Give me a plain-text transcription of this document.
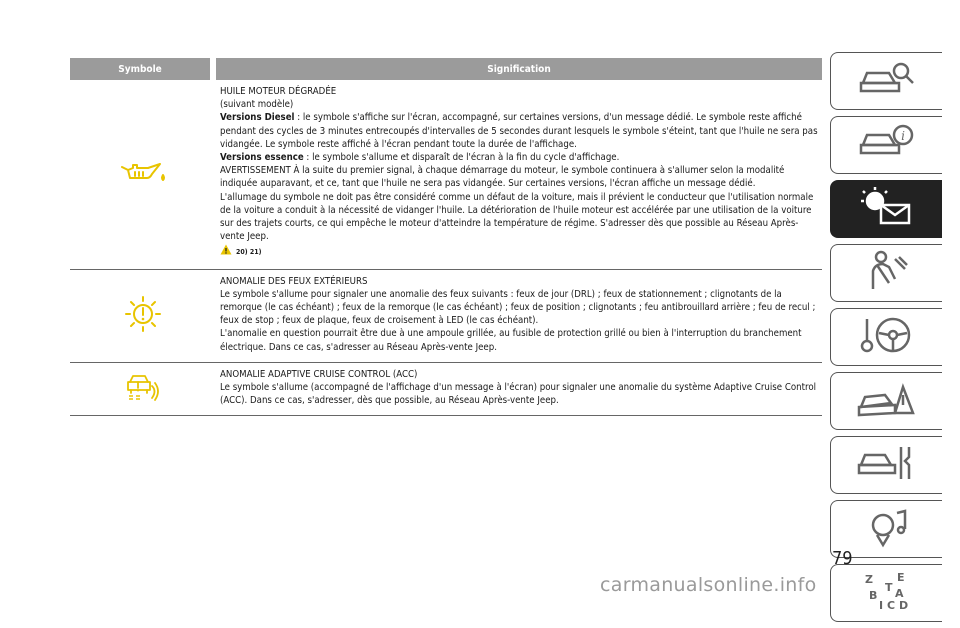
Symbole	Signification

HUILE MOTEUR DÉGRADÉE

(suivant modèle)

Versions Diesel : le symbole s'affiche sur l'écran, accompagné, sur certaines versions, d'un message dédié. Le symbole reste affiché pendant des cycles de 3 minutes entrecoupés d'intervalles de 5 secondes durant lesquels le symbole s'éteint, tant que l'huile ne sera pas vidangée. Le symbole reste affiché à l'écran pendant toute la durée de l'affichage.

Versions essence : le symbole s'allume et disparaît de l'écran à la fin du cycle d'affichage.

AVERTISSEMENT À la suite du premier signal, à chaque démarrage du moteur, le symbole continuera à s'allumer selon la modalité indiquée auparavant, et ce, tant que l'huile ne sera pas vidangée. Sur certaines versions, l'écran affiche un message dédié.

L'allumage du symbole ne doit pas être considéré comme un défaut de la voiture, mais il prévient le conducteur que l'utilisation normale de la voiture a conduit à la nécessité de vidanger l'huile. La détérioration de l'huile moteur est accélérée par une utilisation de la voiture sur des trajets courts, ce qui empêche le moteur d'atteindre la température de régime. S'adresser dès que possible au Réseau Après-vente Jeep.

20) 21)

ANOMALIE DES FEUX EXTÉRIEURS

Le symbole s'allume pour signaler une anomalie des feux suivants : feux de jour (DRL) ; feux de stationnement ; clignotants de la remorque (le cas échéant) ; feux de la remorque (le cas échéant) ; feux de position ; clignotants ; feu antibrouillard arrière ; feu de recul ; feux de stop ; feux de plaque, feux de croisement à LED (le cas échéant).

L'anomalie en question pourrait être due à une ampoule grillée, au fusible de protection grillé ou bien à l'interruption du branchement électrique. Dans ce cas, s'adresser au Réseau Après-vente Jeep.

ANOMALIE ADAPTIVE CRUISE CONTROL (ACC)

Le symbole s'allume (accompagné de l'affichage d'un message à l'écran) pour signaler une anomalie du système Adaptive Cruise Control (ACC). Dans ce cas, s'adresser, dès que possible, au Réseau Après-vente Jeep.

i
Z E
B A
I C D
T
79
carmanualsonline.info
